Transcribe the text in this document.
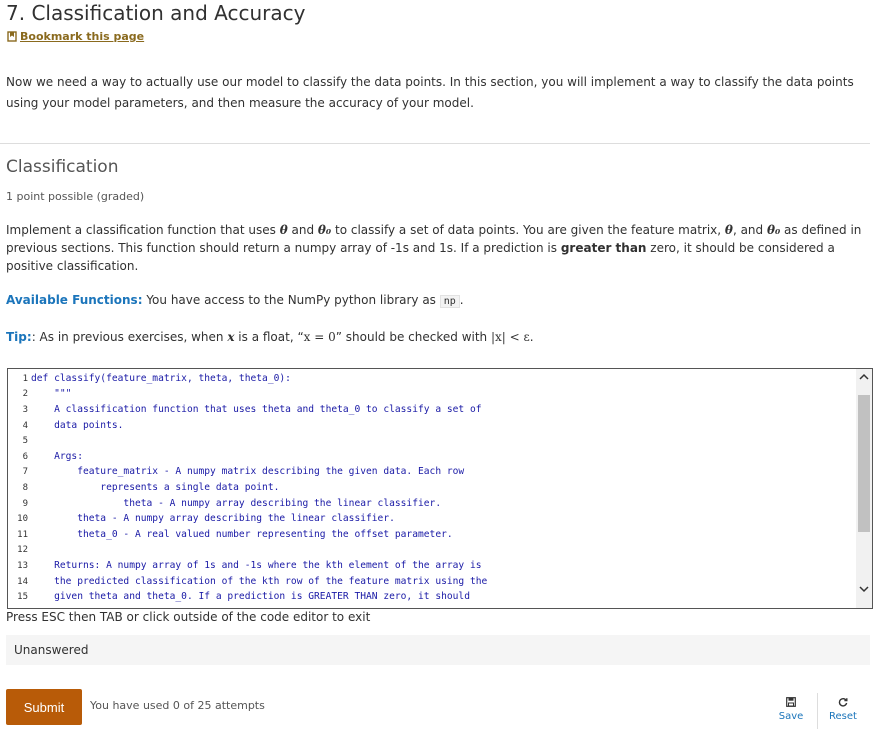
7. Classification and Accuracy
Bookmark this page
Now we need a way to actually use our model to classify the data points. In this section, you will implement a way to classify the data points using your model parameters, and then measure the accuracy of your model.
Classification
1 point possible (graded)
Implement a classification function that uses θ and θ₀ to classify a set of data points. You are given the feature matrix, θ, and θ₀ as defined in previous sections. This function should return a numpy array of -1s and 1s. If a prediction is greater than zero, it should be considered a positive classification.
Available Functions: You have access to the NumPy python library as np .
Tip:: As in previous exercises, when x is a float, “x = 0” should be checked with |x| < ε.
1
2
3
4
5
6
7
8
9
10
11
12
13
14
15
def classify(feature_matrix, theta, theta_0):
"""
A classification function that uses theta and theta_0 to classify a set of
data points.
Args:
feature_matrix - A numpy matrix describing the given data. Each row
represents a single data point.
theta - A numpy array describing the linear classifier.
theta - A numpy array describing the linear classifier.
theta_0 - A real valued number representing the offset parameter.
Returns: A numpy array of 1s and -1s where the kth element of the array is
the predicted classification of the kth row of the feature matrix using the
given theta and theta_0. If a prediction is GREATER THAN zero, it should
Press ESC then TAB or click outside of the code editor to exit
Unanswered
Submit	You have used 0 of 25 attempts
Save	Reset
